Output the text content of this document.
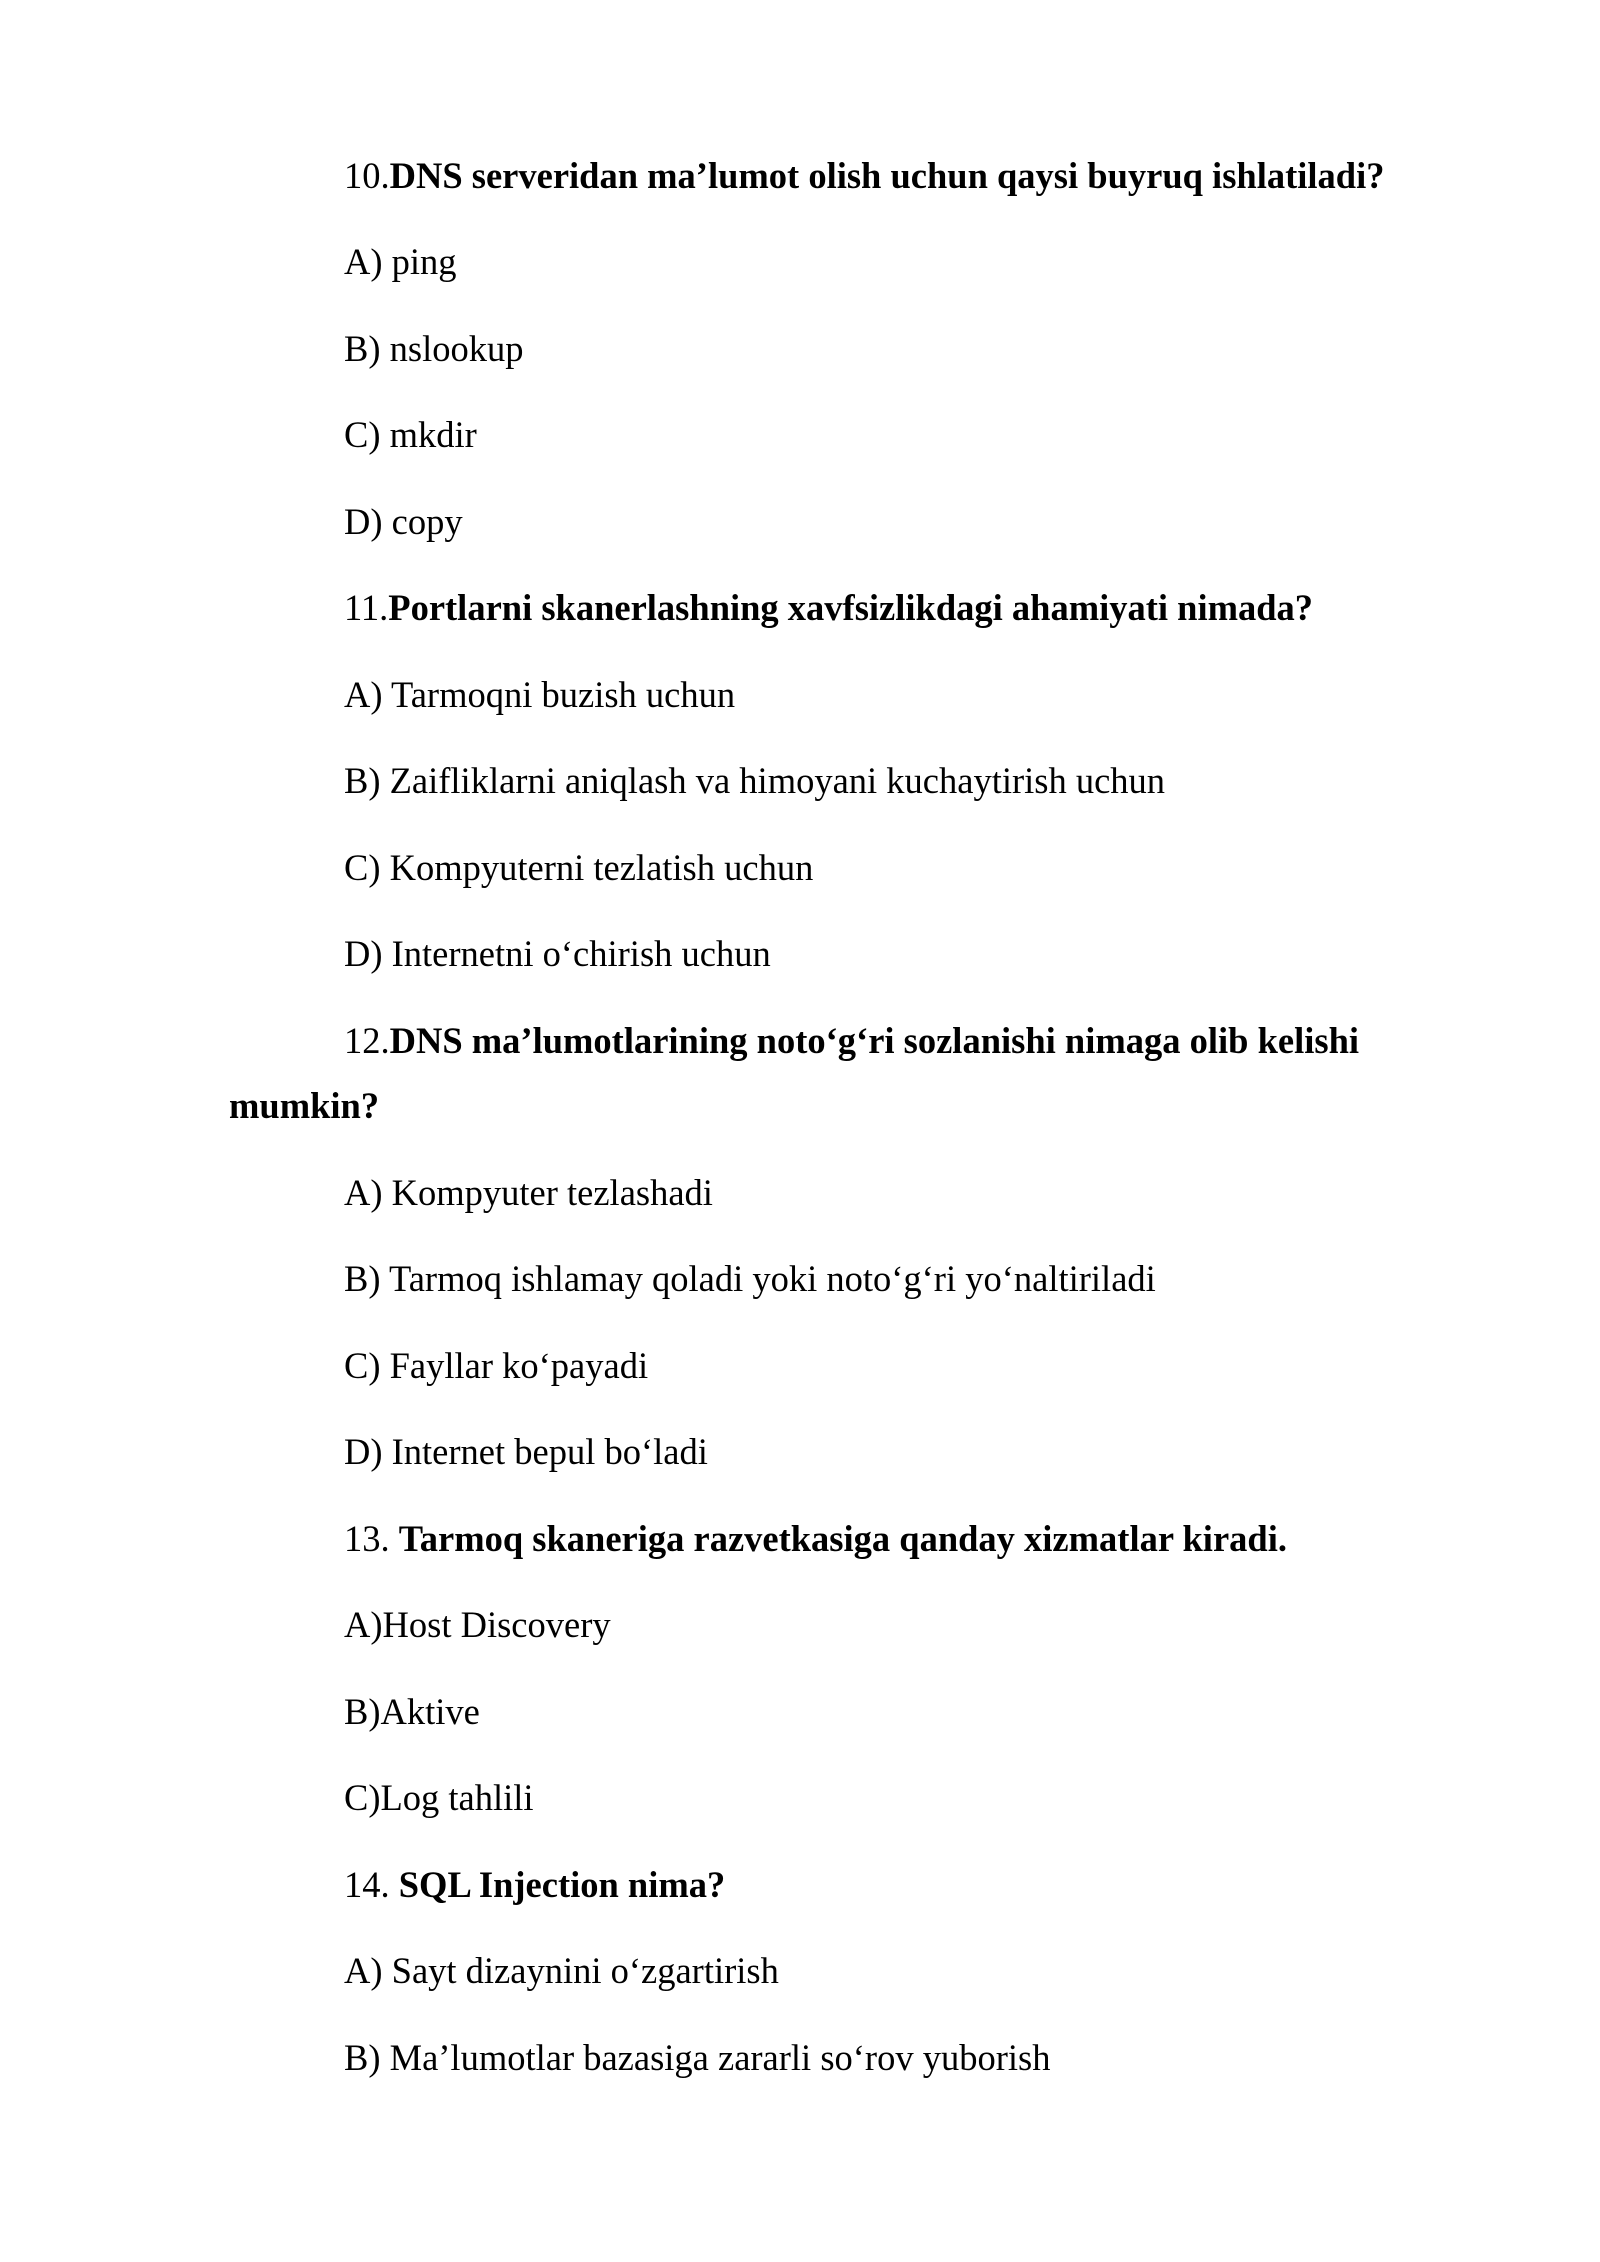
10.DNS serveridan ma’lumot olish uchun qaysi buyruq ishlatiladi?
A) ping
B) nslookup
C) mkdir
D) copy
11.Portlarni skanerlashning xavfsizlikdagi ahamiyati nimada?
A) Tarmoqni buzish uchun
B) Zaifliklarni aniqlash va himoyani kuchaytirish uchun
C) Kompyuterni tezlatish uchun
D) Internetni o‘chirish uchun
12.DNS ma’lumotlarining noto‘g‘ri sozlanishi nimaga olib kelishi
mumkin?
A) Kompyuter tezlashadi
B) Tarmoq ishlamay qoladi yoki noto‘g‘ri yo‘naltiriladi
C) Fayllar ko‘payadi
D) Internet bepul bo‘ladi
13. Tarmoq skaneriga razvetkasiga qanday xizmatlar kiradi.
A)Host Discovery
B)Aktive
C)Log tahlili
14. SQL Injection nima?
A) Sayt dizaynini o‘zgartirish
B) Ma’lumotlar bazasiga zararli so‘rov yuborish
